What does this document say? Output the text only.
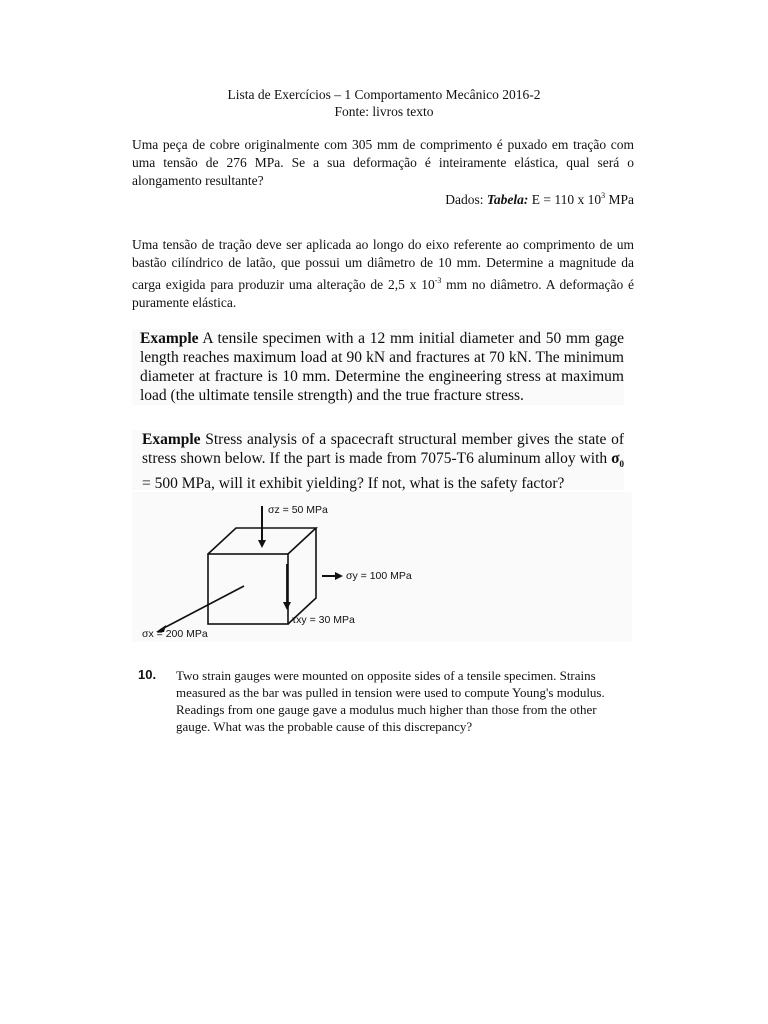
Lista de Exercícios – 1 Comportamento Mecânico 2016-2
Fonte: livros texto
Uma peça de cobre originalmente com 305 mm de comprimento é puxado em tração com uma tensão de 276 MPa. Se a sua deformação é inteiramente elástica, qual será o alongamento resultante?
Dados: Tabela: E = 110 x $10^3$ MPa
Uma tensão de tração deve ser aplicada ao longo do eixo referente ao comprimento de um bastão cilíndrico de latão, que possui um diâmetro de 10 mm. Determine a magnitude da carga exigida para produzir uma alteração de 2,5 x $10^{-3}$ mm no diâmetro. A deformação é puramente elástica.
Example A tensile specimen with a 12 mm initial diameter and 50 mm gage length reaches maximum load at 90 kN and fractures at 70 kN. The minimum diameter at fracture is 10 mm. Determine the engineering stress at maximum load (the ultimate tensile strength) and the true fracture stress.
Example Stress analysis of a spacecraft structural member gives the state of stress shown below. If the part is made from 7075-T6 aluminum alloy with $\sigma_0 = 500$ MPa, will it exhibit yielding? If not, what is the safety factor?
σz = 50 MPa
σy = 100 MPa
τxy = 30 MPa
σx = 200 MPa
10. Two strain gauges were mounted on opposite sides of a tensile specimen. Strains measured as the bar was pulled in tension were used to compute Young's modulus. Readings from one gauge gave a modulus much higher than those from the other gauge. What was the probable cause of this discrepancy?
